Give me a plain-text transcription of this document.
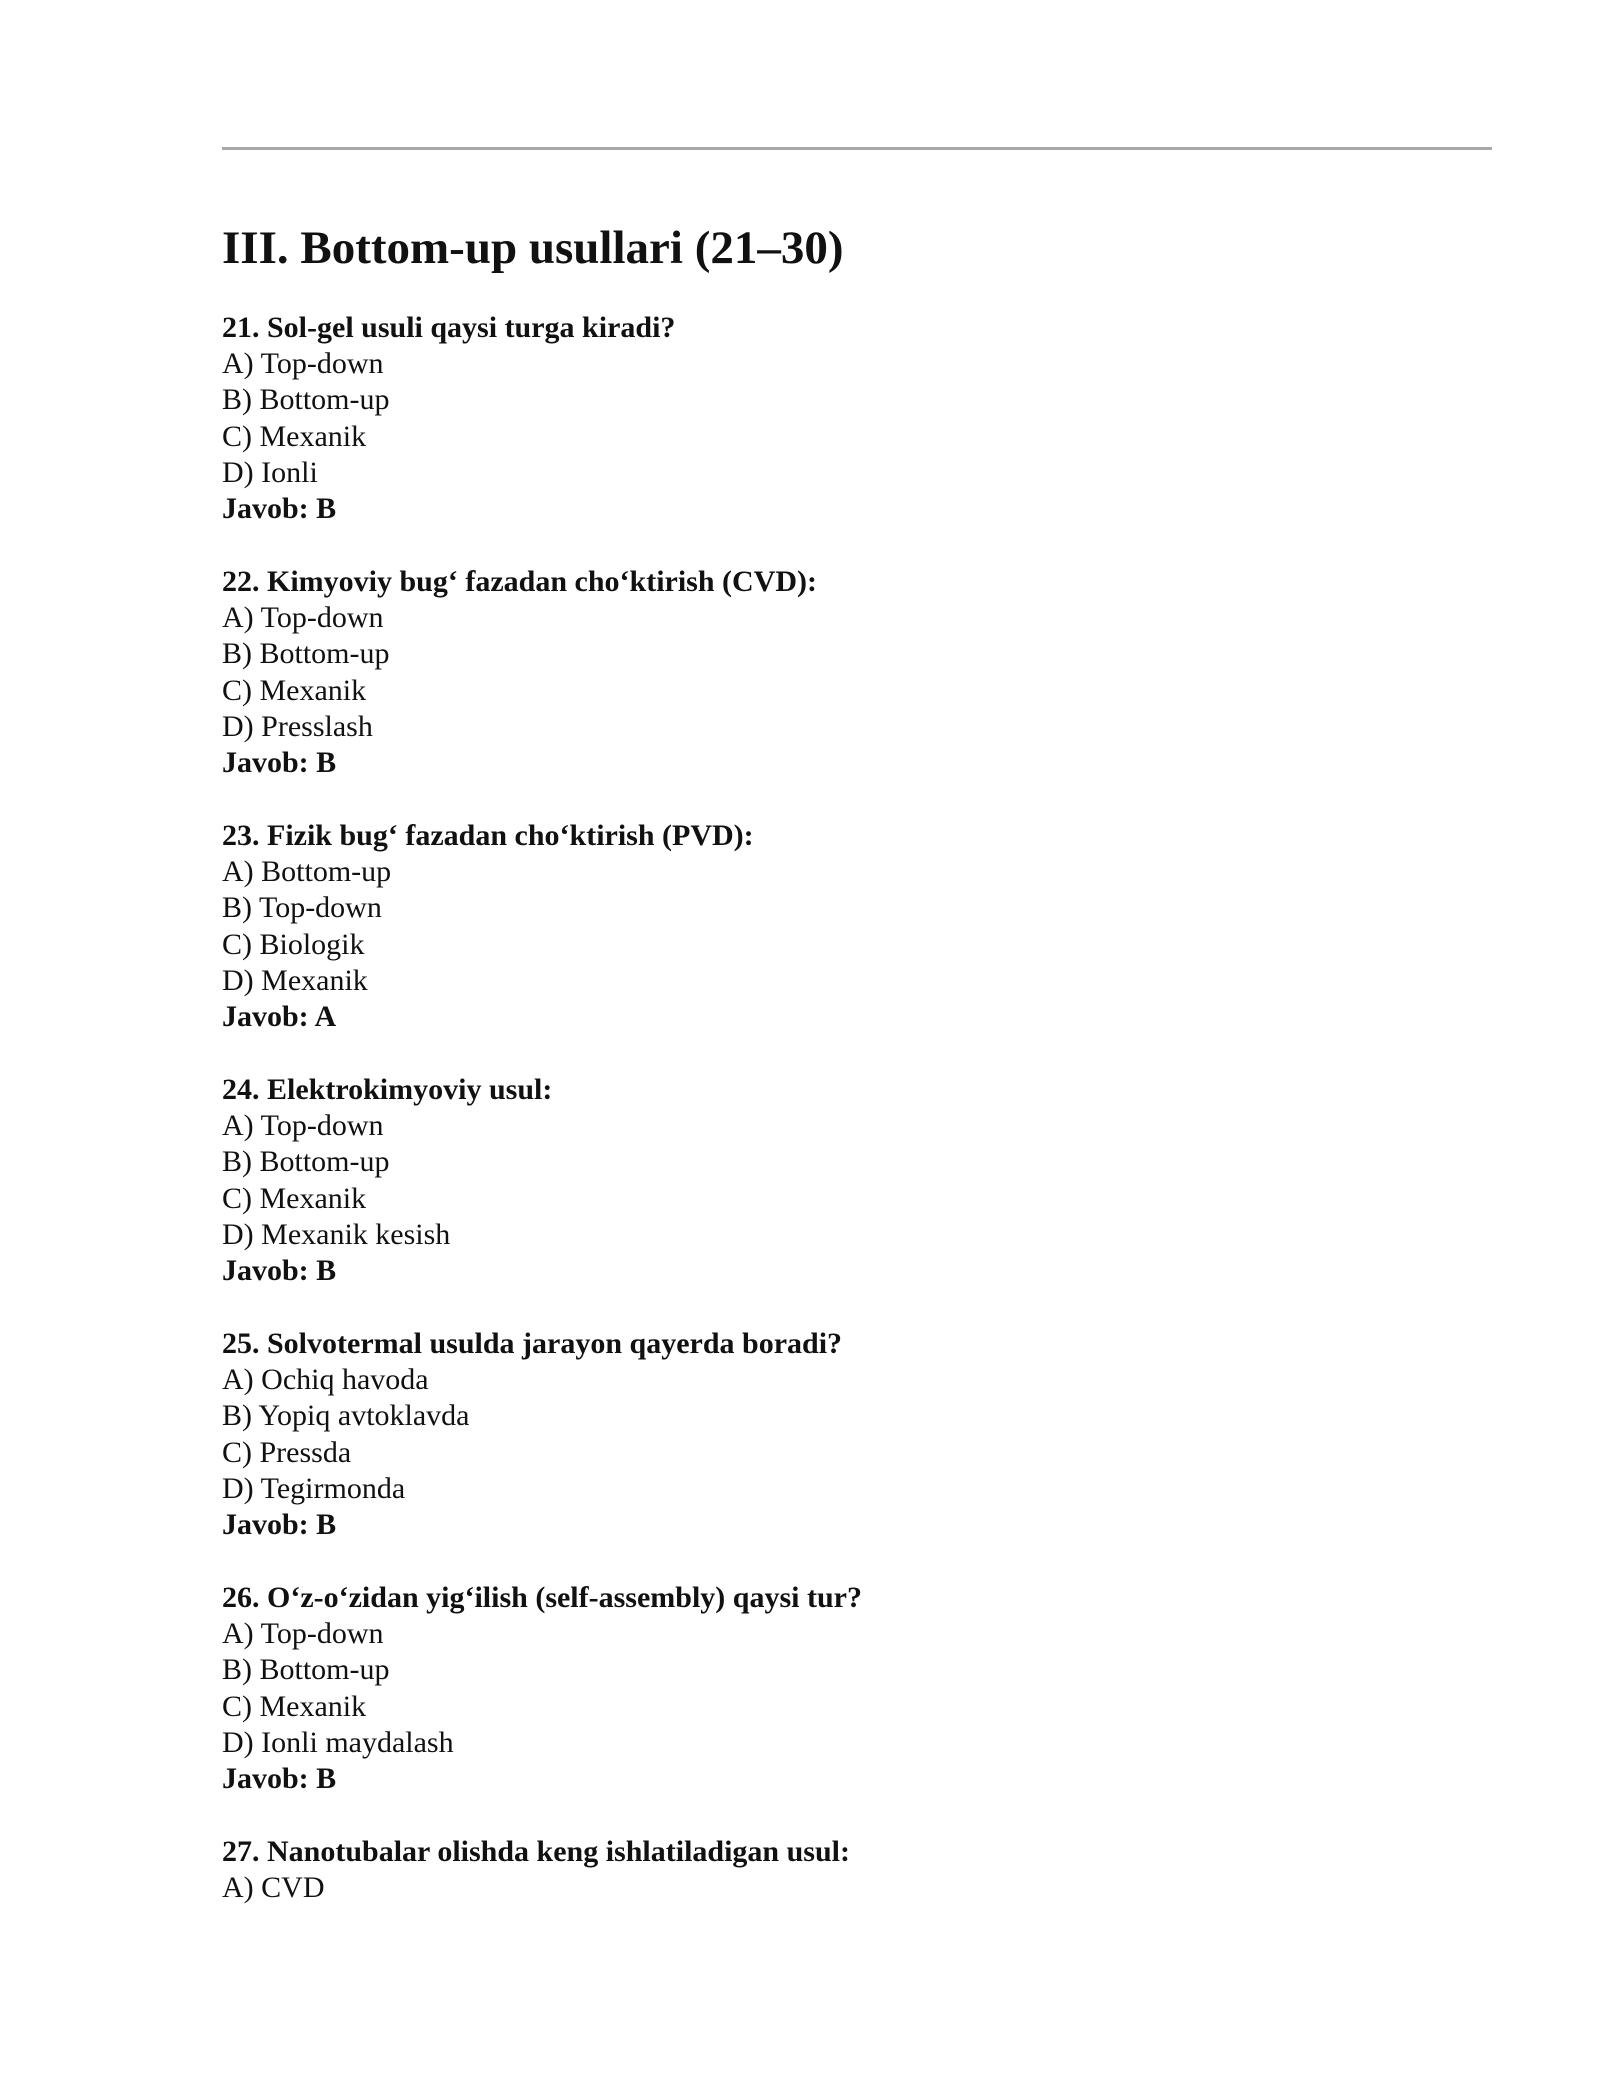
III. Bottom-up usullari (21–30)
21. Sol-gel usuli qaysi turga kiradi?
A) Top-down
B) Bottom-up
C) Mexanik
D) Ionli
Javob: B
22. Kimyoviy bug‘ fazadan cho‘ktirish (CVD):
A) Top-down
B) Bottom-up
C) Mexanik
D) Presslash
Javob: B
23. Fizik bug‘ fazadan cho‘ktirish (PVD):
A) Bottom-up
B) Top-down
C) Biologik
D) Mexanik
Javob: A
24. Elektrokimyoviy usul:
A) Top-down
B) Bottom-up
C) Mexanik
D) Mexanik kesish
Javob: B
25. Solvotermal usulda jarayon qayerda boradi?
A) Ochiq havoda
B) Yopiq avtoklavda
C) Pressda
D) Tegirmonda
Javob: B
26. O‘z-o‘zidan yig‘ilish (self-assembly) qaysi tur?
A) Top-down
B) Bottom-up
C) Mexanik
D) Ionli maydalash
Javob: B
27. Nanotubalar olishda keng ishlatiladigan usul:
A) CVD
